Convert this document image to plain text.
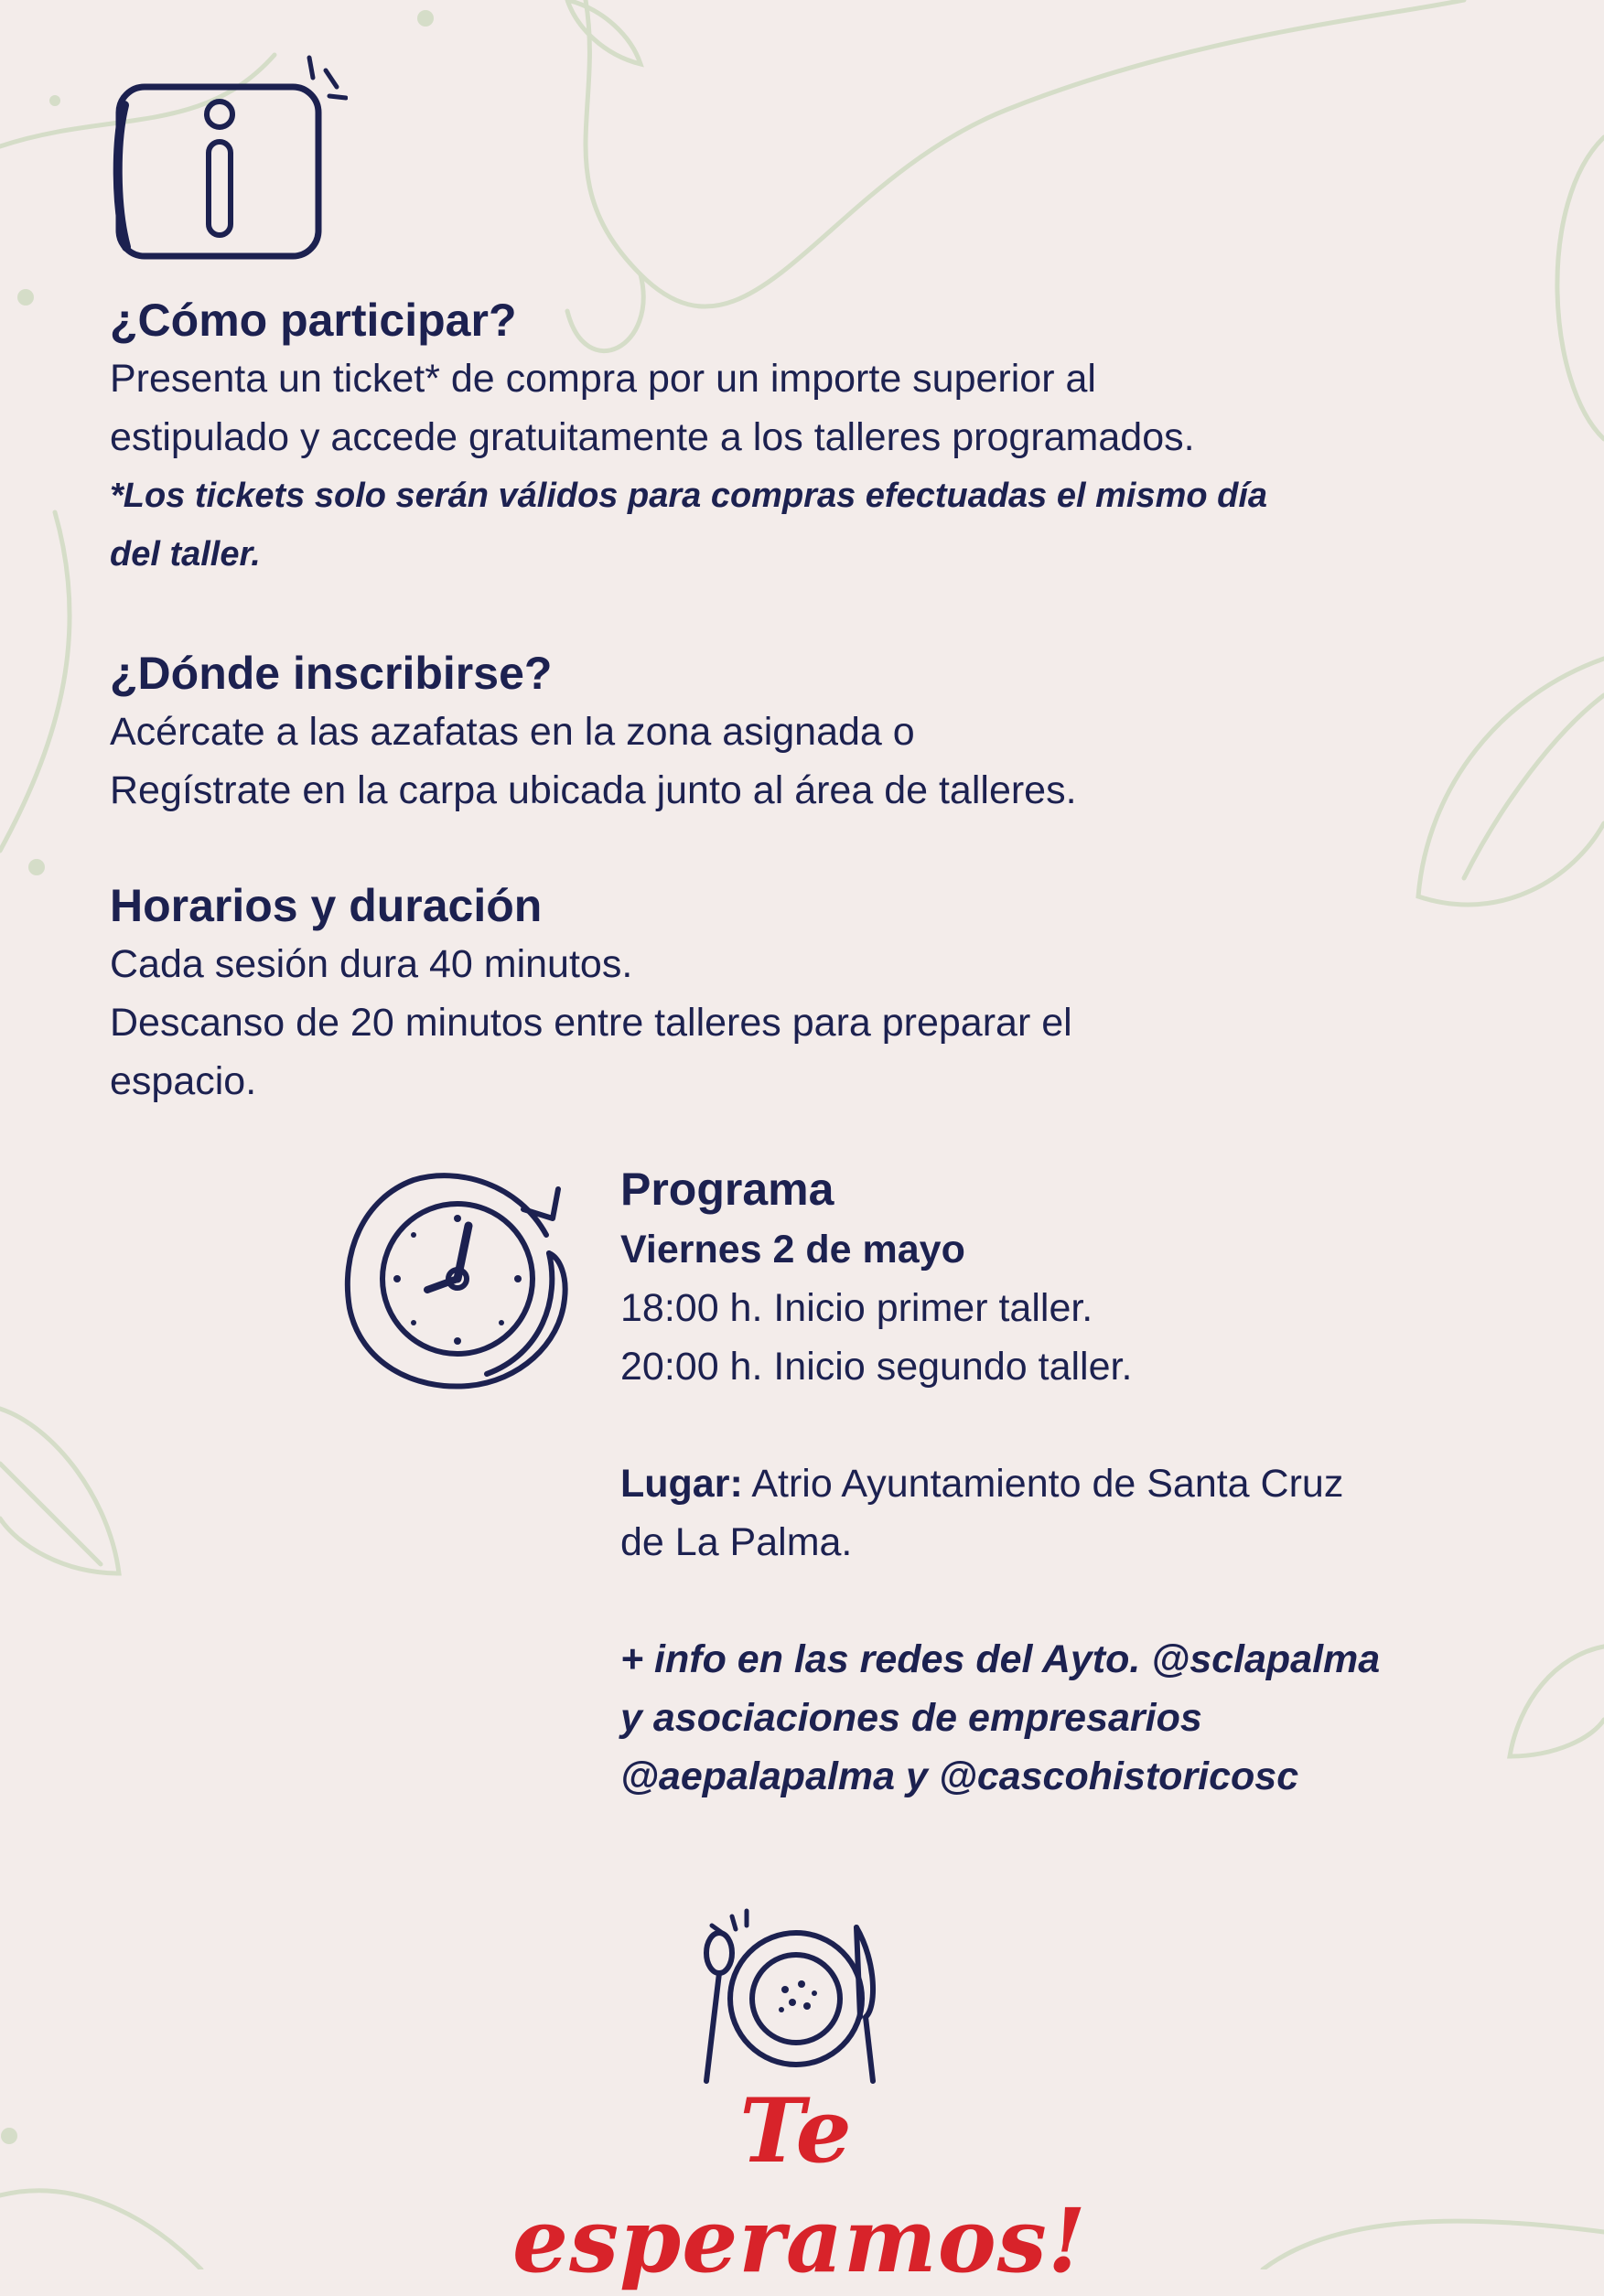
¿Cómo participar?

Presenta un ticket* de compra por un importe superior al

estipulado y accede gratuitamente a los talleres programados.

*Los tickets solo serán válidos para compras efectuadas el mismo día

del taller.

¿Dónde inscribirse?

Acércate a las azafatas en la zona asignada o

Regístrate en la carpa ubicada junto al área de talleres.

Horarios y duración

Cada sesión dura 40 minutos.

Descanso de 20 minutos entre talleres para preparar el

espacio.

Programa
Viernes 2 de mayo
18:00 h. Inicio primer taller.
20:00 h. Inicio segundo taller.
Lugar: Atrio Ayuntamiento de Santa Cruz
de La Palma.
+ info en las redes del Ayto. @sclapalma
y asociaciones de empresarios
@aepalapalma y @cascohistoricosc
Te esperamos!
